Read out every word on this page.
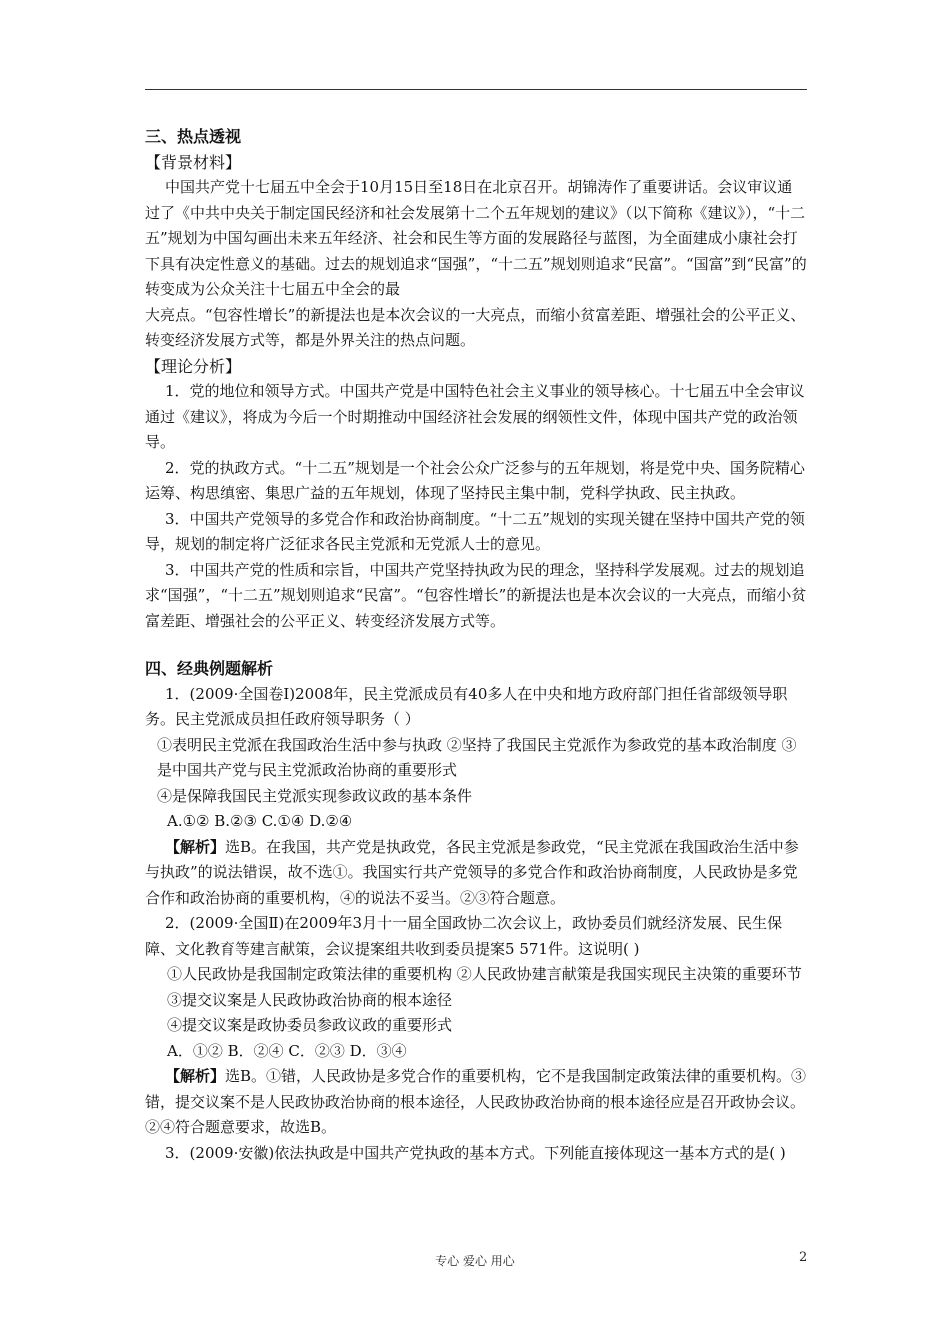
三、热点透视

【背景材料】

中国共产党十七届五中全会于10月15日至18日在北京召开。胡锦涛作了重要讲话。会议审议通过了《中共中央关于制定国民经济和社会发展第十二个五年规划的建议》（以下简称《建议》），“十二五”规划为中国勾画出未来五年经济、社会和民生等方面的发展路径与蓝图，为全面建成小康社会打下具有决定性意义的基础。过去的规划追求“国强”，“十二五”规划则追求“民富”。“国富”到“民富”的转变成为公众关注十七届五中全会的最

大亮点。“包容性增长”的新提法也是本次会议的一大亮点，而缩小贫富差距、增强社会的公平正义、转变经济发展方式等，都是外界关注的热点问题。

【理论分析】

1．党的地位和领导方式。中国共产党是中国特色社会主义事业的领导核心。十七届五中全会审议通过《建议》，将成为今后一个时期推动中国经济社会发展的纲领性文件，体现中国共产党的政治领导。

2．党的执政方式。“十二五”规划是一个社会公众广泛参与的五年规划，将是党中央、国务院精心运筹、构思缜密、集思广益的五年规划，体现了坚持民主集中制，党科学执政、民主执政。

3．中国共产党领导的多党合作和政治协商制度。“十二五”规划的实现关键在坚持中国共产党的领导，规划的制定将广泛征求各民主党派和无党派人士的意见。

3．中国共产党的性质和宗旨，中国共产党坚持执政为民的理念，坚持科学发展观。过去的规划追求“国强”，“十二五”规划则追求“民富”。“包容性增长”的新提法也是本次会议的一大亮点，而缩小贫富差距、增强社会的公平正义、转变经济发展方式等。

四、经典例题解析

1．(2009·全国卷Ⅰ)2008年，民主党派成员有40多人在中央和地方政府部门担任省部级领导职务。民主党派成员担任政府领导职务（ ）

①表明民主党派在我国政治生活中参与执政 ②坚持了我国民主党派作为参政党的基本政治制度 ③是中国共产党与民主党派政治协商的重要形式

④是保障我国民主党派实现参政议政的基本条件

A.①② B.②③ C.①④ D.②④

【解析】选B。在我国，共产党是执政党，各民主党派是参政党，“民主党派在我国政治生活中参与执政”的说法错误，故不选①。我国实行共产党领导的多党合作和政治协商制度，人民政协是多党合作和政治协商的重要机构，④的说法不妥当。②③符合题意。

2．(2009·全国Ⅱ)在2009年3月十一届全国政协二次会议上，政协委员们就经济发展、民生保障、文化教育等建言献策，会议提案组共收到委员提案5 571件。这说明( )

①人民政协是我国制定政策法律的重要机构 ②人民政协建言献策是我国实现民主决策的重要环节 ③提交议案是人民政协政治协商的根本途径

④提交议案是政协委员参政议政的重要形式

A．①② B．②④ C．②③ D．③④

【解析】选B。①错，人民政协是多党合作的重要机构，它不是我国制定政策法律的重要机构。③错，提交议案不是人民政协政治协商的根本途径，人民政协政治协商的根本途径应是召开政协会议。②④符合题意要求，故选B。

3．(2009·安徽)依法执政是中国共产党执政的基本方式。下列能直接体现这一基本方式的是( )

专心 爱心 用心	2
